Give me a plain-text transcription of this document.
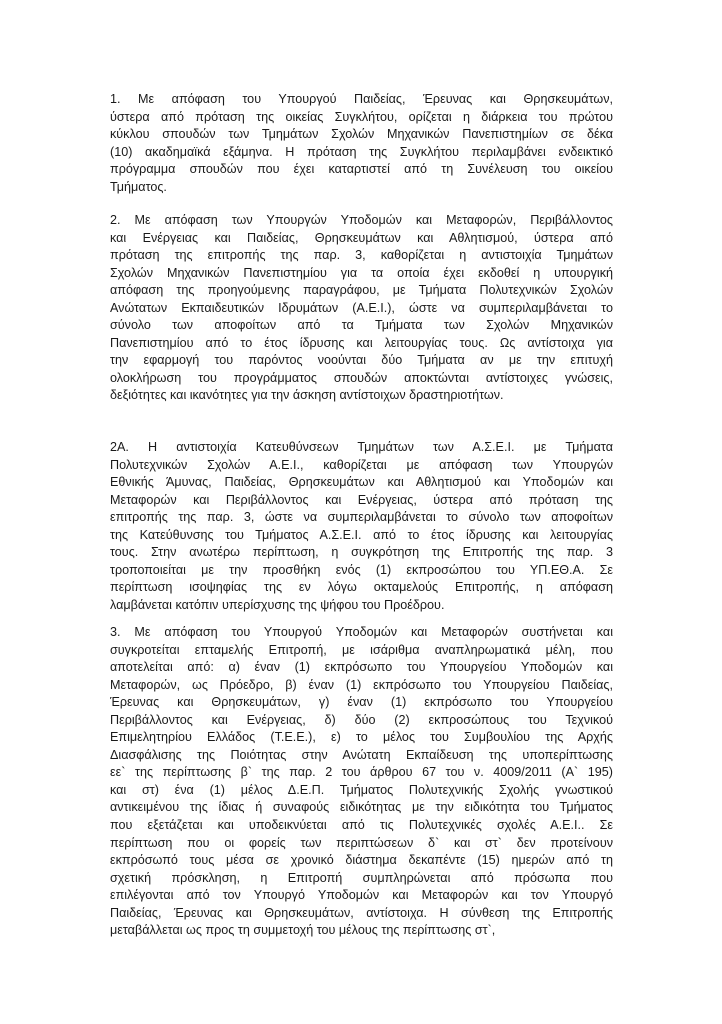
1. Με απόφαση του Υπουργού Παιδείας, Έρευνας και Θρησκευμάτων,
ύστερα από πρόταση της οικείας Συγκλήτου, ορίζεται η διάρκεια του πρώτου
κύκλου σπουδών των Τμημάτων Σχολών Μηχανικών Πανεπιστημίων σε δέκα
(10) ακαδημαϊκά εξάμηνα. Η πρόταση της Συγκλήτου περιλαμβάνει ενδεικτικό
πρόγραμμα σπουδών που έχει καταρτιστεί από τη Συνέλευση του οικείου
Τμήματος.
2. Με απόφαση των Υπουργών Υποδομών και Μεταφορών, Περιβάλλοντος
και Ενέργειας και Παιδείας, Θρησκευμάτων και Αθλητισμού, ύστερα από
πρόταση της επιτροπής της παρ. 3, καθορίζεται η αντιστοιχία Τμημάτων
Σχολών Μηχανικών Πανεπιστημίου για τα οποία έχει εκδοθεί η υπουργική
απόφαση της προηγούμενης παραγράφου, με Τμήματα Πολυτεχνικών Σχολών
Ανώτατων Εκπαιδευτικών Ιδρυμάτων (Α.Ε.Ι.), ώστε να συμπεριλαμβάνεται το
σύνολο των αποφοίτων από τα Τμήματα των Σχολών Μηχανικών
Πανεπιστημίου από το έτος ίδρυσης και λειτουργίας τους. Ως αντίστοιχα για
την εφαρμογή του παρόντος νοούνται δύο Τμήματα αν με την επιτυχή
ολοκλήρωση του προγράμματος σπουδών αποκτώνται αντίστοιχες γνώσεις,
δεξιότητες και ικανότητες για την άσκηση αντίστοιχων δραστηριοτήτων.
2Α. Η αντιστοιχία Κατευθύνσεων Τμημάτων των Α.Σ.Ε.Ι. με Τμήματα
Πολυτεχνικών Σχολών Α.Ε.Ι., καθορίζεται με απόφαση των Υπουργών
Εθνικής Άμυνας, Παιδείας, Θρησκευμάτων και Αθλητισμού και Υποδομών και
Μεταφορών και Περιβάλλοντος και Ενέργειας, ύστερα από πρόταση της
επιτροπής της παρ. 3, ώστε να συμπεριλαμβάνεται το σύνολο των αποφοίτων
της Κατεύθυνσης του Τμήματος Α.Σ.Ε.Ι. από το έτος ίδρυσης και λειτουργίας
τους. Στην ανωτέρω περίπτωση, η συγκρότηση της Επιτροπής της παρ. 3
τροποποιείται με την προσθήκη ενός (1) εκπροσώπου του ΥΠ.ΕΘ.Α. Σε
περίπτωση ισοψηφίας της εν λόγω οκταμελούς Επιτροπής, η απόφαση
λαμβάνεται κατόπιν υπερίσχυσης της ψήφου του Προέδρου.
3. Με απόφαση του Υπουργού Υποδομών και Μεταφορών συστήνεται και
συγκροτείται επταμελής Επιτροπή, με ισάριθμα αναπληρωματικά μέλη, που
αποτελείται από: α) έναν (1) εκπρόσωπο του Υπουργείου Υποδομών και
Μεταφορών, ως Πρόεδρο, β) έναν (1) εκπρόσωπο του Υπουργείου Παιδείας,
Έρευνας και Θρησκευμάτων, γ) έναν (1) εκπρόσωπο του Υπουργείου
Περιβάλλοντος και Ενέργειας, δ) δύο (2) εκπροσώπους του Τεχνικού
Επιμελητηρίου Ελλάδος (Τ.Ε.Ε.), ε) το μέλος του Συμβουλίου της Αρχής
Διασφάλισης της Ποιότητας στην Ανώτατη Εκπαίδευση της υποπερίπτωσης
εε` της περίπτωσης β` της παρ. 2 του άρθρου 67 του ν. 4009/2011 (Α` 195)
και στ) ένα (1) μέλος Δ.Ε.Π. Τμήματος Πολυτεχνικής Σχολής γνωστικού
αντικειμένου της ίδιας ή συναφούς ειδικότητας με την ειδικότητα του Τμήματος
που εξετάζεται και υποδεικνύεται από τις Πολυτεχνικές σχολές Α.Ε.Ι.. Σε
περίπτωση που οι φορείς των περιπτώσεων δ` και στ` δεν προτείνουν
εκπρόσωπό τους μέσα σε χρονικό διάστημα δεκαπέντε (15) ημερών από τη
σχετική πρόσκληση, η Επιτροπή συμπληρώνεται από πρόσωπα που
επιλέγονται από τον Υπουργό Υποδομών και Μεταφορών και τον Υπουργό
Παιδείας, Έρευνας και Θρησκευμάτων, αντίστοιχα. Η σύνθεση της Επιτροπής
μεταβάλλεται ως προς τη συμμετοχή του μέλους της περίπτωσης στ`,
